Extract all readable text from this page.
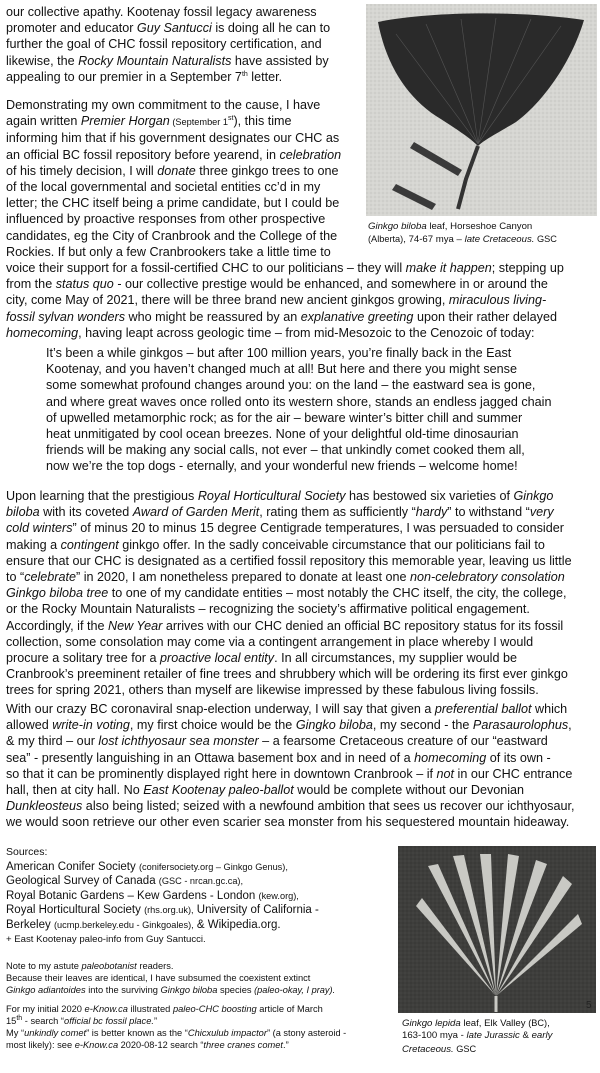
Ginkgo biloba leaf, Horseshoe Canyon
(Alberta), 74-67 mya – late Cretaceous. GSC
our collective apathy. Kootenay fossil legacy awareness
promoter and educator Guy Santucci is doing all he can to
further the goal of CHC fossil repository certification, and
likewise, the Rocky Mountain Naturalists have assisted by
appealing to our premier in a September 7th letter.
Demonstrating my own commitment to the cause, I have
again written Premier Horgan (September 1st), this time
informing him that if his government designates our CHC as
an official BC fossil repository before yearend, in celebration
of his timely decision, I will donate three ginkgo trees to one
of the local governmental and societal entities cc’d in my
letter; the CHC itself being a prime candidate, but I could be
influenced by proactive responses from other prospective
candidates, eg the City of Cranbrook and the College of the
Rockies. If but only a few Cranbrookers take a little time to
voice their support for a fossil-certified CHC to our politicians – they will make it happen; stepping up
from the status quo - our collective prestige would be enhanced, and somewhere in or around the
city, come May of 2021, there will be three brand new ancient ginkgos growing, miraculous living-
fossil sylvan wonders who might be reassured by an explanative greeting upon their rather delayed
homecoming, having leapt across geologic time – from mid-Mesozoic to the Cenozoic of today:
It’s been a while ginkgos – but after 100 million years, you’re finally back in the East
Kootenay, and you haven’t changed much at all! But here and there you might sense
some somewhat profound changes around you: on the land – the eastward sea is gone,
and where great waves once rolled onto its western shore, stands an endless jagged chain
of upwelled metamorphic rock; as for the air – beware winter’s bitter chill and summer
heat unmitigated by cool ocean breezes. None of your delightful old-time dinosaurian
friends will be making any social calls, not ever – that unkindly comet cooked them all,
now we’re the top dogs - eternally, and your wonderful new friends – welcome home!
Upon learning that the prestigious Royal Horticultural Society has bestowed six varieties of Ginkgo
biloba with its coveted Award of Garden Merit, rating them as sufficiently “hardy” to withstand “very
cold winters” of minus 20 to minus 15 degree Centigrade temperatures, I was persuaded to consider
making a contingent ginkgo offer. In the sadly conceivable circumstance that our politicians fail to
ensure that our CHC is designated as a certified fossil repository this memorable year, leaving us little
to “celebrate” in 2020, I am nonetheless prepared to donate at least one non-celebratory consolation
Ginkgo biloba tree to one of my candidate entities – most notably the CHC itself, the city, the college,
or the Rocky Mountain Naturalists – recognizing the society’s affirmative political engagement.
Accordingly, if the New Year arrives with our CHC denied an official BC repository status for its fossil
collection, some consolation may come via a contingent arrangement in place whereby I would
procure a solitary tree for a proactive local entity. In all circumstances, my supplier would be
Cranbrook’s preeminent retailer of fine trees and shrubbery which will be ordering its first ever ginkgo
trees for spring 2021, others than myself are likewise impressed by these fabulous living fossils.
With our crazy BC coronaviral snap-election underway, I will say that given a preferential ballot which
allowed write-in voting, my first choice would be the Gingko biloba, my second - the Parasaurolophus,
& my third – our lost ichthyosaur sea monster – a fearsome Cretaceous creature of our “eastward
sea” - presently languishing in an Ottawa basement box and in need of a homecoming of its own -
so that it can be prominently displayed right here in downtown Cranbrook – if not in our CHC entrance
hall, then at city hall. No East Kootenay paleo-ballot would be complete without our Devonian
Dunkleosteus also being listed; seized with a newfound ambition that sees us recover our ichthyosaur,
we would soon retrieve our other even scarier sea monster from his sequestered mountain hideaway.
5
Ginkgo lepida leaf, Elk Valley (BC),
163-100 mya - late Jurassic & early
Cretaceous. GSC
Sources:
American Conifer Society (conifersociety.org – Ginkgo Genus),
Geological Survey of Canada (GSC - nrcan.gc.ca),
Royal Botanic Gardens – Kew Gardens - London (kew.org),
Royal Horticultural Society (rhs.org.uk), University of California -
Berkeley (ucmp.berkeley.edu - Ginkgoales), & Wikipedia.org.
+ East Kootenay paleo-info from Guy Santucci.
Note to my astute paleobotanist readers.
Because their leaves are identical, I have subsumed the coexistent extinct
Ginkgo adiantoides into the surviving Ginkgo biloba species (paleo-okay, I pray).
For my initial 2020 e-Know.ca illustrated paleo-CHC boosting article of March
15th - search “official bc fossil place.”
My “unkindly comet” is better known as the “Chicxulub impactor” (a stony asteroid -
most likely): see e-Know.ca 2020-08-12 search “three cranes comet.”
